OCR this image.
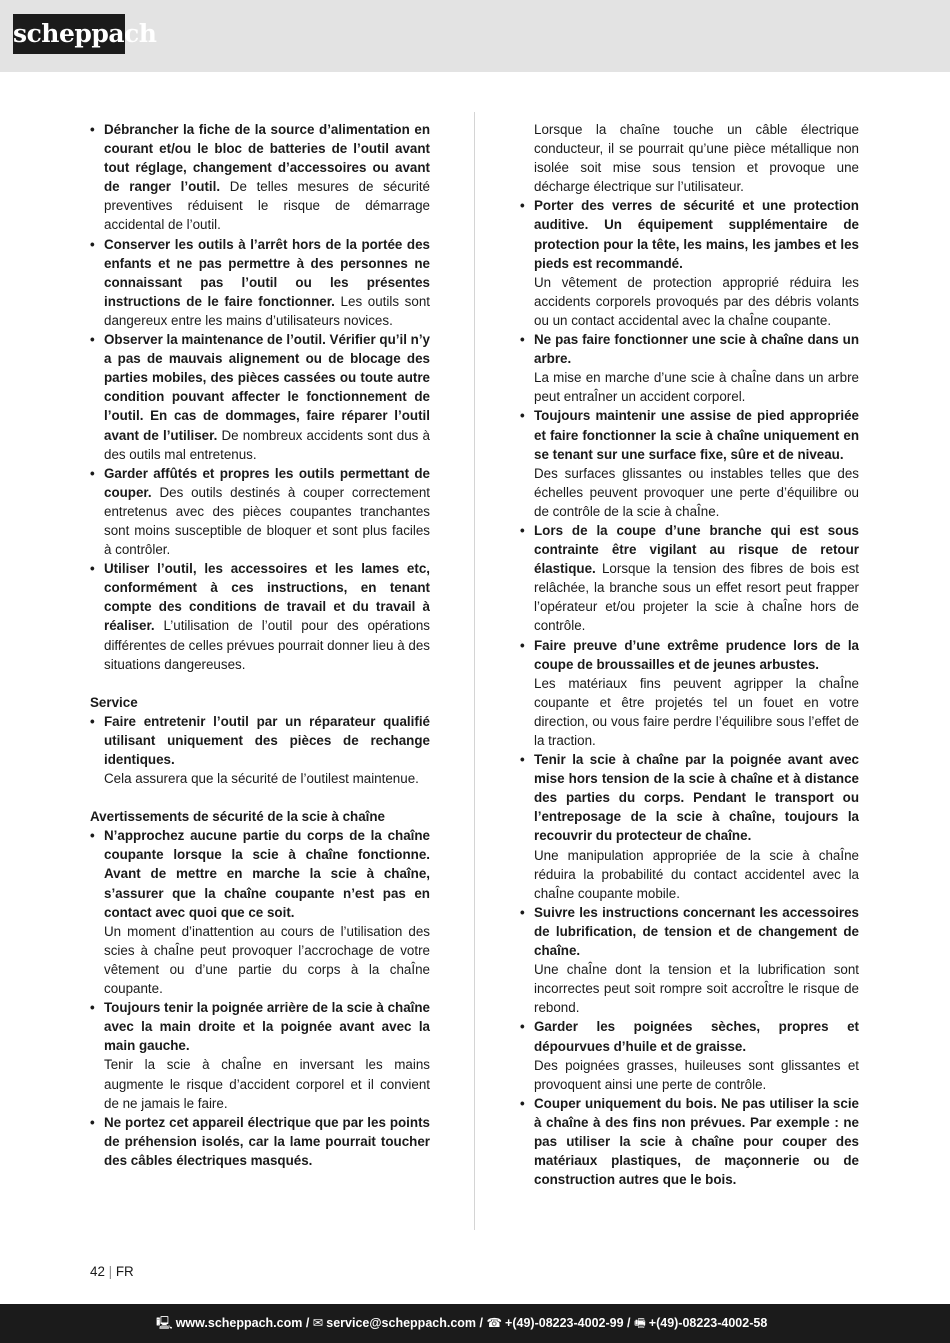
scheppach
• Débrancher la fiche de la source d’alimentation en courant et/ou le bloc de batteries de l’outil avant tout réglage, changement d’accessoires ou avant de ranger l’outil. De telles mesures de sécurité preventives réduisent le risque de démarrage accidental de l’outil.

• Conserver les outils à l’arrêt hors de la portée des enfants et ne pas permettre à des personnes ne connaissant pas l’outil ou les présentes instructions de le faire fonctionner. Les outils sont dangereux entre les mains d’utilisateurs novices.

• Observer la maintenance de l’outil. Vérifier qu’il n’y a pas de mauvais alignement ou de blocage des parties mobiles, des pièces cassées ou toute autre condition pouvant affecter le fonctionnement de l’outil. En cas de dommages, faire réparer l’outil avant de l’utiliser. De nombreux accidents sont dus à des outils mal entretenus.

• Garder affûtés et propres les outils permettant de couper. Des outils destinés à couper correctement entretenus avec des pièces coupantes tranchantes sont moins susceptible de bloquer et sont plus faciles à contrôler.

• Utiliser l’outil, les accessoires et les lames etc, conformément à ces instructions, en tenant compte des conditions de travail et du travail à réaliser. L’utilisation de l’outil pour des opérations différentes de celles prévues pourrait donner lieu à des situations dangereuses.

Service
• Faire entretenir l’outil par un réparateur qualifié utilisant uniquement des pièces de rechange identiques.

Cela assurera que la sécurité de l’outilest maintenue.

Avertissements de sécurité de la scie à chaîne
• N’approchez aucune partie du corps de la chaîne coupante lorsque la scie à chaîne fonctionne. Avant de mettre en marche la scie à chaîne, s’assurer que la chaîne coupante n’est pas en contact avec quoi que ce soit.

Un moment d’inattention au cours de l’utilisation des scies à chaÎne peut provoquer l’accrochage de votre vêtement ou d’une partie du corps à la chaÎne coupante.

• Toujours tenir la poignée arrière de la scie à chaîne avec la main droite et la poignée avant avec la main gauche.

Tenir la scie à chaÎne en inversant les mains augmente le risque d’accident corporel et il convient de ne jamais le faire.

• Ne portez cet appareil électrique que par les points de préhension isolés, car la lame pourrait toucher des câbles électriques masqués.

Lorsque la chaîne touche un câble électrique conducteur, il se pourrait qu’une pièce métallique non isolée soit mise sous tension et provoque une décharge électrique sur l’utilisateur.

• Porter des verres de sécurité et une protection auditive. Un équipement supplémentaire de protection pour la tête, les mains, les jambes et les pieds est recommandé.

Un vêtement de protection approprié réduira les accidents corporels provoqués par des débris volants ou un contact accidental avec la chaÎne coupante.

• Ne pas faire fonctionner une scie à chaîne dans un arbre.

La mise en marche d’une scie à chaÎne dans un arbre peut entraÎner un accident corporel.

• Toujours maintenir une assise de pied appropriée et faire fonctionner la scie à chaîne uniquement en se tenant sur une surface fixe, sûre et de niveau.

Des surfaces glissantes ou instables telles que des échelles peuvent provoquer une perte d’équilibre ou de contrôle de la scie à chaÎne.

• Lors de la coupe d’une branche qui est sous contrainte être vigilant au risque de retour élastique. Lorsque la tension des fibres de bois est relâchée, la branche sous un effet resort peut frapper l’opérateur et/ou projeter la scie à chaÎne hors de contrôle.

• Faire preuve d’une extrême prudence lors de la coupe de broussailles et de jeunes arbustes.

Les matériaux fins peuvent agripper la chaÎne coupante et être projetés tel un fouet en votre direction, ou vous faire perdre l’équilibre sous l’effet de la traction.

• Tenir la scie à chaîne par la poignée avant avec mise hors tension de la scie à chaîne et à distance des parties du corps. Pendant le transport ou l’entreposage de la scie à chaîne, toujours la recouvrir du protecteur de chaîne.

Une manipulation appropriée de la scie à chaÎne réduira la probabilité du contact accidentel avec la chaÎne coupante mobile.

• Suivre les instructions concernant les accessoires de lubrification, de tension et de changement de chaîne.

Une chaÎne dont la tension et la lubrification sont incorrectes peut soit rompre soit accroÎtre le risque de rebond.

• Garder les poignées sèches, propres et dépourvues d’huile et de graisse.

Des poignées grasses, huileuses sont glissantes et provoquent ainsi une perte de contrôle.

• Couper uniquement du bois. Ne pas utiliser la scie à chaîne à des fins non prévues. Par exemple : ne pas utiliser la scie à chaîne pour couper des matériaux plastiques, de maçonnerie ou de construction autres que le bois.

42 | FR
🖳 www.scheppach.com / ✉ service@scheppach.com / ☎ +(49)-08223-4002-99 / 🖷 +(49)-08223-4002-58
